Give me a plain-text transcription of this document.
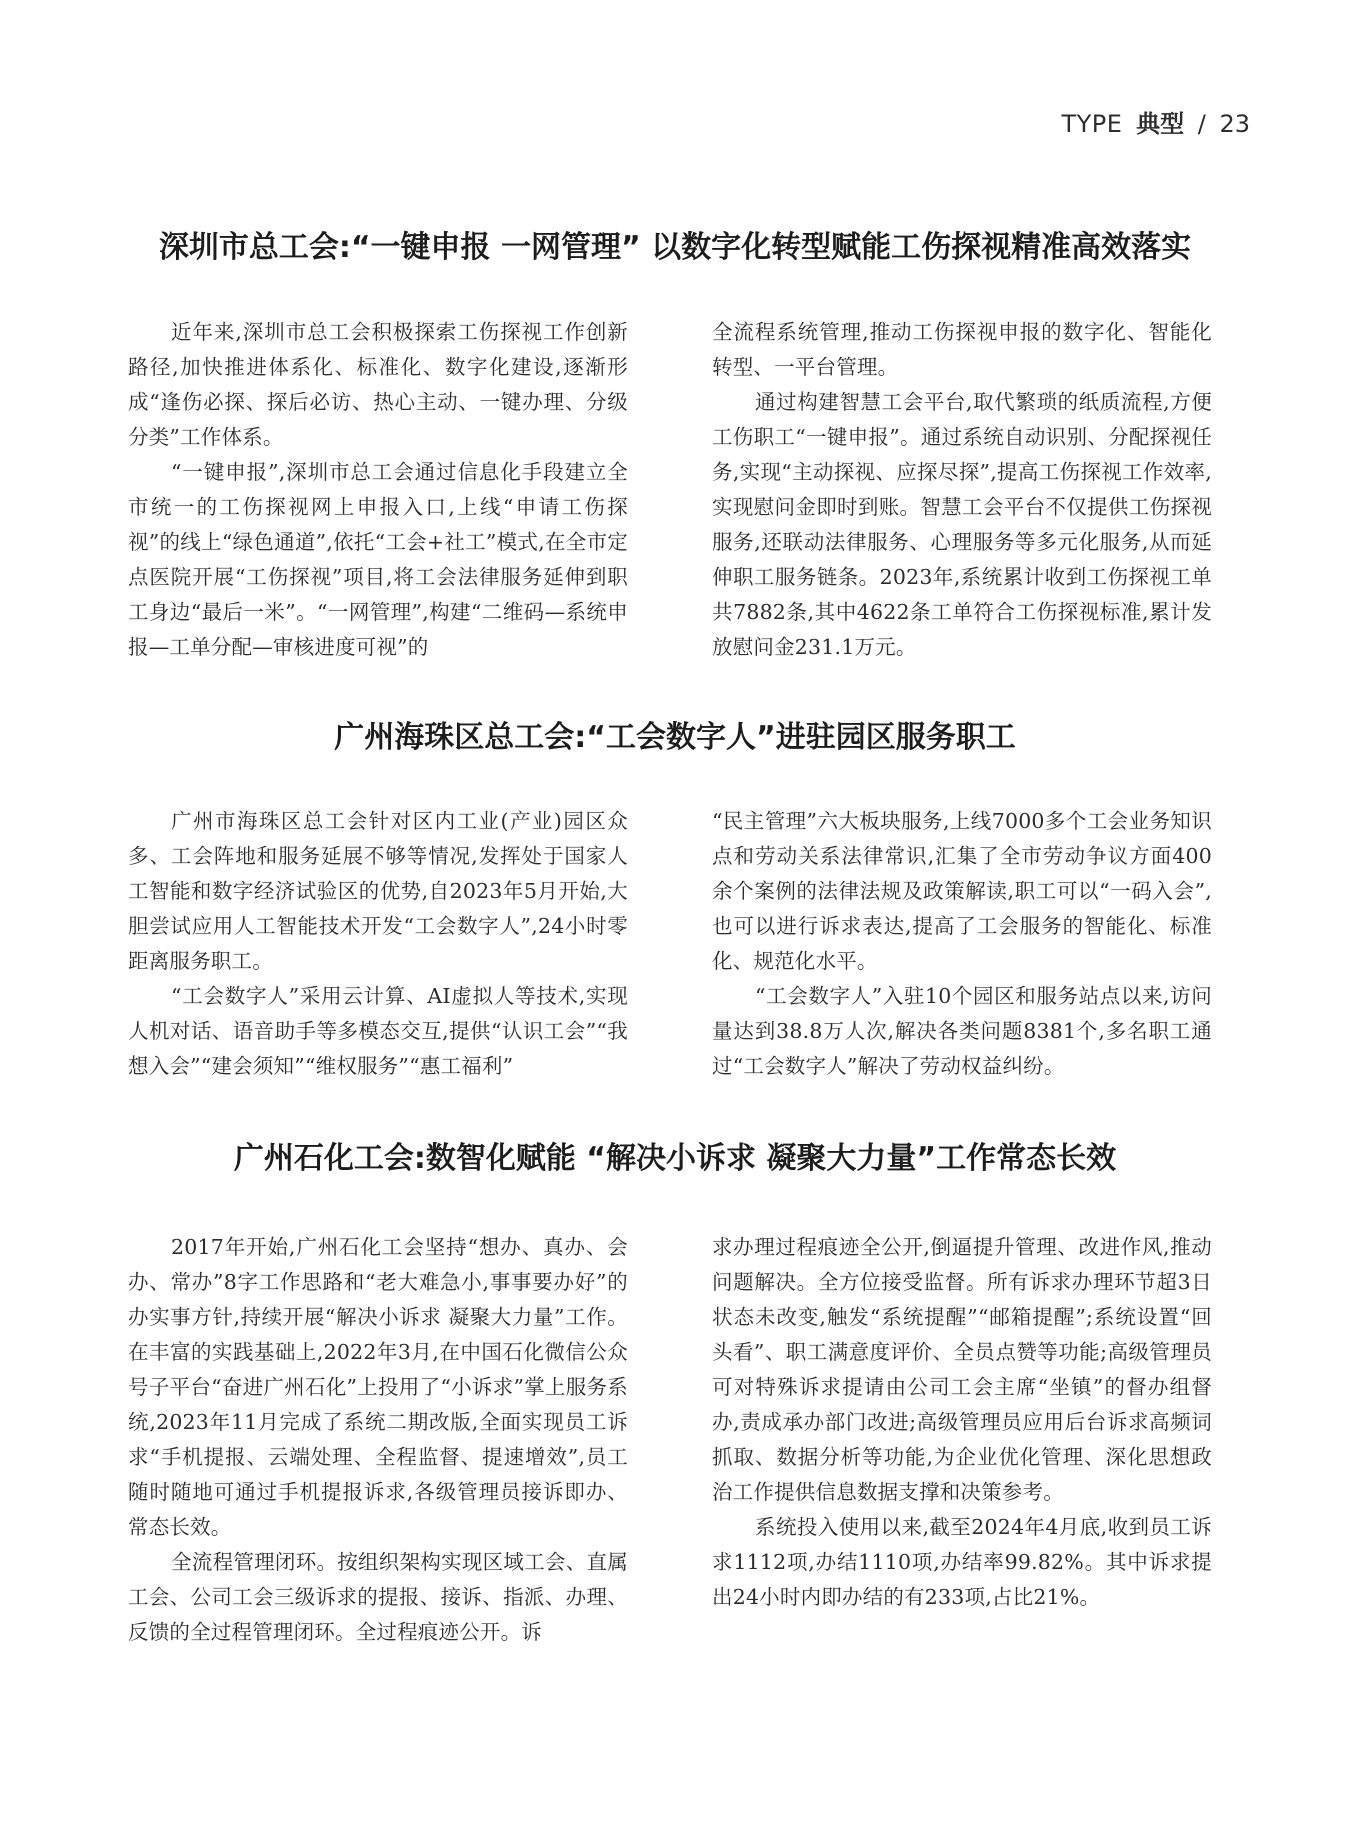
TYPE 典型 / 23
深圳市总工会:“一键申报 一网管理” 以数字化转型赋能工伤探视精准高效落实

近年来,深圳市总工会积极探索工伤探视工作创新路径,加快推进体系化、标准化、数字化建设,逐渐形成“逢伤必探、探后必访、热心主动、一键办理、分级分类”工作体系。

“一键申报”,深圳市总工会通过信息化手段建立全市统一的工伤探视网上申报入口,上线“申请工伤探视”的线上“绿色通道”,依托“工会+社工”模式,在全市定点医院开展“工伤探视”项目,将工会法律服务延伸到职工身边“最后一米”。“一网管理”,构建“二维码—系统申报—工单分配—审核进度可视”的

全流程系统管理,推动工伤探视申报的数字化、智能化转型、一平台管理。

通过构建智慧工会平台,取代繁琐的纸质流程,方便工伤职工“一键申报”。通过系统自动识别、分配探视任务,实现“主动探视、应探尽探”,提高工伤探视工作效率,实现慰问金即时到账。智慧工会平台不仅提供工伤探视服务,还联动法律服务、心理服务等多元化服务,从而延伸职工服务链条。2023年,系统累计收到工伤探视工单共7882条,其中4622条工单符合工伤探视标准,累计发放慰问金231.1万元。

广州海珠区总工会:“工会数字人”进驻园区服务职工

广州市海珠区总工会针对区内工业(产业)园区众多、工会阵地和服务延展不够等情况,发挥处于国家人工智能和数字经济试验区的优势,自2023年5月开始,大胆尝试应用人工智能技术开发“工会数字人”,24小时零距离服务职工。

“工会数字人”采用云计算、AI虚拟人等技术,实现人机对话、语音助手等多模态交互,提供“认识工会”“我想入会”“建会须知”“维权服务”“惠工福利”

“民主管理”六大板块服务,上线7000多个工会业务知识点和劳动关系法律常识,汇集了全市劳动争议方面400余个案例的法律法规及政策解读,职工可以“一码入会”,也可以进行诉求表达,提高了工会服务的智能化、标准化、规范化水平。

“工会数字人”入驻10个园区和服务站点以来,访问量达到38.8万人次,解决各类问题8381个,多名职工通过“工会数字人”解决了劳动权益纠纷。

广州石化工会:数智化赋能 “解决小诉求 凝聚大力量”工作常态长效

2017年开始,广州石化工会坚持“想办、真办、会办、常办”8字工作思路和“老大难急小,事事要办好”的办实事方针,持续开展“解决小诉求 凝聚大力量”工作。在丰富的实践基础上,2022年3月,在中国石化微信公众号子平台“奋进广州石化”上投用了“小诉求”掌上服务系统,2023年11月完成了系统二期改版,全面实现员工诉求“手机提报、云端处理、全程监督、提速增效”,员工随时随地可通过手机提报诉求,各级管理员接诉即办、常态长效。

全流程管理闭环。按组织架构实现区域工会、直属工会、公司工会三级诉求的提报、接诉、指派、办理、反馈的全过程管理闭环。全过程痕迹公开。诉

求办理过程痕迹全公开,倒逼提升管理、改进作风,推动问题解决。全方位接受监督。所有诉求办理环节超3日状态未改变,触发“系统提醒”“邮箱提醒”;系统设置“回头看”、职工满意度评价、全员点赞等功能;高级管理员可对特殊诉求提请由公司工会主席“坐镇”的督办组督办,责成承办部门改进;高级管理员应用后台诉求高频词抓取、数据分析等功能,为企业优化管理、深化思想政治工作提供信息数据支撑和决策参考。

系统投入使用以来,截至2024年4月底,收到员工诉求1112项,办结1110项,办结率99.82%。其中诉求提出24小时内即办结的有233项,占比21%。
